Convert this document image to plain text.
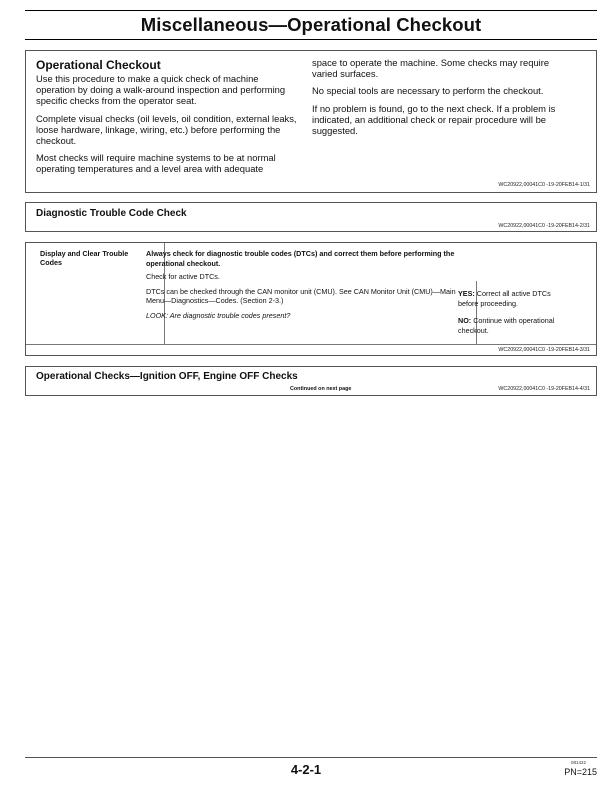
Miscellaneous—Operational Checkout
Operational Checkout

Use this procedure to make a quick check of machine operation by doing a walk-around inspection and performing specific checks from the operator seat.

Complete visual checks (oil levels, oil condition, external leaks, loose hardware, linkage, wiring, etc.) before performing the checkout.

Most checks will require machine systems to be at normal operating temperatures and a level area with adequate

space to operate the machine. Some checks may require varied surfaces.

No special tools are necessary to perform the checkout.

If no problem is found, go to the next check. If a problem is indicated, an additional check or repair procedure will be suggested.

WC20922,00041C0 -19-20FEB14-1/31
Diagnostic Trouble Code Check
WC20922,00041C0 -19-20FEB14-2/31
Display and Clear Trouble Codes

Always check for diagnostic trouble codes (DTCs) and correct them before performing the operational checkout.

Check for active DTCs.

DTCs can be checked through the CAN monitor unit (CMU). See CAN Monitor Unit (CMU)—Main Menu—Diagnostics—Codes. (Section 2-3.)

LOOK: Are diagnostic trouble codes present?

YES: Correct all active DTCs before proceeding.
NO: Continue with operational checkout.
WC20922,00041C0 -19-20FEB14-3/31
Operational Checks—Ignition OFF, Engine OFF Checks
Continued on next page	WC20922,00041C0 -19-20FEB14-4/31
4-2-1	081422
PN=215
